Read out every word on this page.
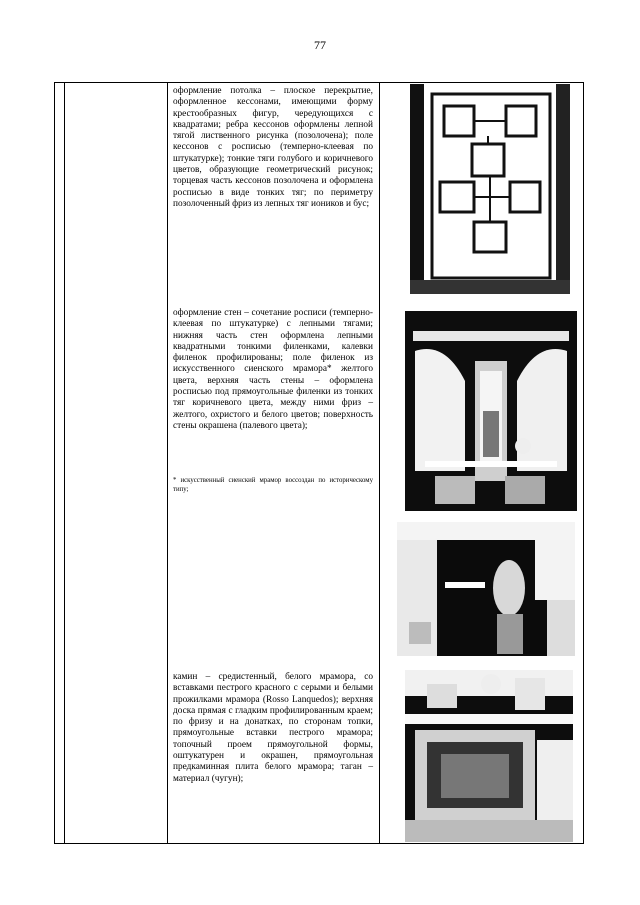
77
оформление потолка – плоское перекрытие, оформленное кессонами, имеющими форму крестообразных фигур, чередующихся с квадратами; ребра кессонов оформлены лепной тягой лиственного рисунка (позолочена); поле кессонов с росписью (темперно-клеевая по штукатурке); тонкие тяги голубого и коричневого цветов, образующие геометрический рисунок; торцевая часть кессонов позолочена и оформлена росписью в виде тонких тяг; по периметру позолоченный фриз из лепных тяг иоников и бус;
оформление стен – сочетание росписи (темперно-клеевая по штукатурке) с лепными тягами; нижняя часть стен оформлена лепными квадратными тонкими филенками, калевки филенок профилированы; поле филенок из искусственного сиенского мрамора* желтого цвета, верхняя часть стены – оформлена росписью под прямоугольные филенки из тонких тяг коричневого цвета, между ними фриз – желтого, охристого и белого цветов; поверхность стены окрашена (палевого цвета);
* искусственный сиенский мрамор воссоздан по историческому типу;
камин – средистенный, белого мрамора, со вставками пестрого красного с серыми и белыми прожилками мрамора (Rosso Lanquedos); верхняя доска прямая с гладким профилированным краем; по фризу и на донатках, по сторонам топки, прямоугольные вставки пестрого мрамора; топочный проем прямоугольной формы, оштукатурен и окрашен, прямоугольная предкаминная плита белого мрамора; таган – материал (чугун);
